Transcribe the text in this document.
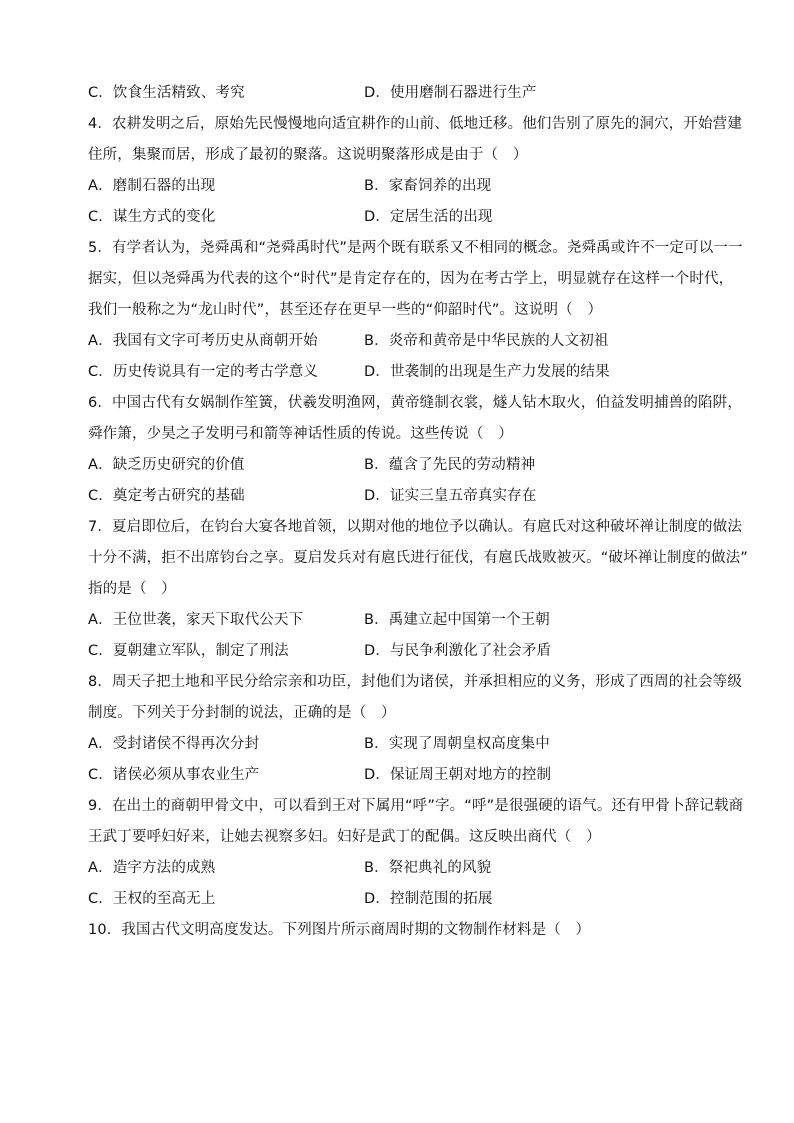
C．饮食生活精致、考究	D．使用磨制石器进行生产
4．农耕发明之后，原始先民慢慢地向适宜耕作的山前、低地迁移。他们告别了原先的洞穴，开始营建
住所，集聚而居，形成了最初的聚落。这说明聚落形成是由于（　）
A．磨制石器的出现	B．家畜饲养的出现
C．谋生方式的变化	D．定居生活的出现
5．有学者认为，尧舜禹和“尧舜禹时代”是两个既有联系又不相同的概念。尧舜禹或许不一定可以一一
据实，但以尧舜禹为代表的这个“时代”是肯定存在的，因为在考古学上，明显就存在这样一个时代，
我们一般称之为“龙山时代”，甚至还存在更早一些的“仰韶时代”。这说明（　）
A．我国有文字可考历史从商朝开始	B．炎帝和黄帝是中华民族的人文初祖
C．历史传说具有一定的考古学意义	D．世袭制的出现是生产力发展的结果
6．中国古代有女娲制作笙簧，伏羲发明渔网，黄帝缝制衣裳，燧人钻木取火，伯益发明捕兽的陷阱，
舜作箫，少昊之子发明弓和箭等神话性质的传说。这些传说（　）
A．缺乏历史研究的价值	B．蕴含了先民的劳动精神
C．奠定考古研究的基础	D．证实三皇五帝真实存在
7．夏启即位后，在钧台大宴各地首领，以期对他的地位予以确认。有扈氏对这种破坏禅让制度的做法
十分不满，拒不出席钧台之享。夏启发兵对有扈氏进行征伐，有扈氏战败被灭。“破坏禅让制度的做法”
指的是（　）
A．王位世袭，家天下取代公天下	B．禹建立起中国第一个王朝
C．夏朝建立军队，制定了刑法	D．与民争利激化了社会矛盾
8．周天子把土地和平民分给宗亲和功臣，封他们为诸侯，并承担相应的义务，形成了西周的社会等级
制度。下列关于分封制的说法，正确的是（　）
A．受封诸侯不得再次分封	B．实现了周朝皇权高度集中
C．诸侯必须从事农业生产	D．保证周王朝对地方的控制
9．在出土的商朝甲骨文中，可以看到王对下属用“呼”字。“呼”是很强硬的语气。还有甲骨卜辞记载商
王武丁要呼妇好来，让她去视察多妇。妇好是武丁的配偶。这反映出商代（　）
A．造字方法的成熟	B．祭祀典礼的风貌
C．王权的至高无上	D．控制范围的拓展
10．我国古代文明高度发达。下列图片所示商周时期的文物制作材料是（　）
